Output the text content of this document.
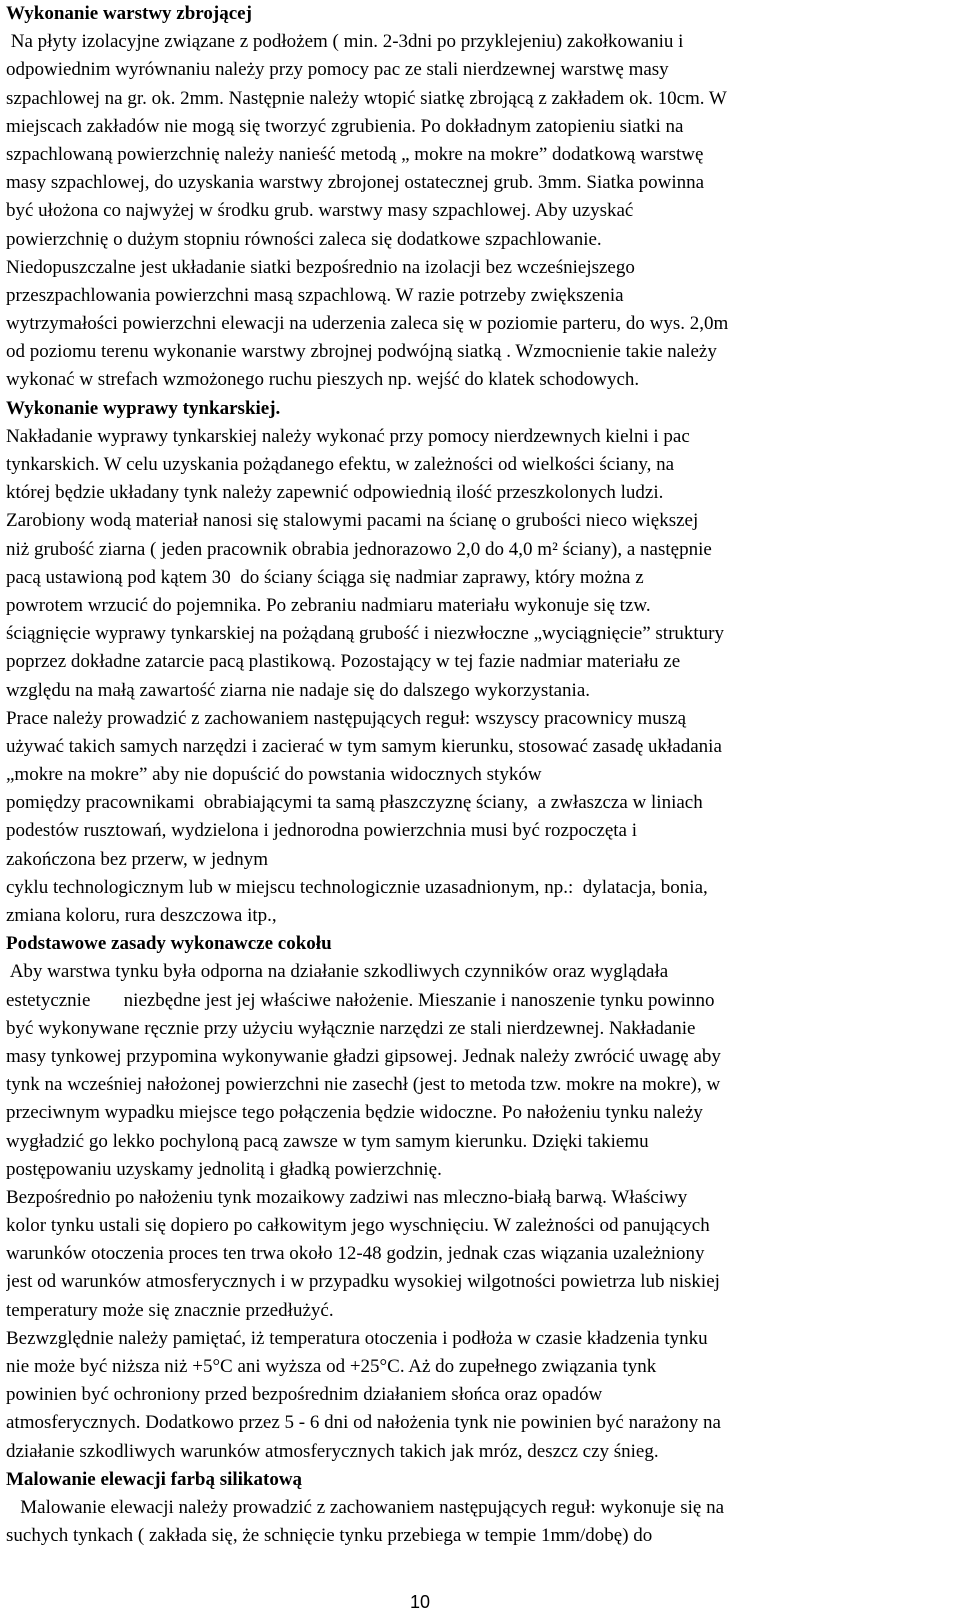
Wykonanie warstwy zbrojącej
Na płyty izolacyjne związane z podłożem ( min. 2-3dni po przyklejeniu) zakołkowaniu i
odpowiednim wyrównaniu należy przy pomocy pac ze stali nierdzewnej warstwę masy
szpachlowej na gr. ok. 2mm. Następnie należy wtopić siatkę zbrojącą z zakładem ok. 10cm. W
miejscach zakładów nie mogą się tworzyć zgrubienia. Po dokładnym zatopieniu siatki na
szpachlowaną powierzchnię należy nanieść metodą „ mokre na mokre” dodatkową warstwę
masy szpachlowej, do uzyskania warstwy zbrojonej ostatecznej grub. 3mm. Siatka powinna
być ułożona co najwyżej w środku grub. warstwy masy szpachlowej. Aby uzyskać
powierzchnię o dużym stopniu równości zaleca się dodatkowe szpachlowanie.
Niedopuszczalne jest układanie siatki bezpośrednio na izolacji bez wcześniejszego
przeszpachlowania powierzchni masą szpachlową. W razie potrzeby zwiększenia
wytrzymałości powierzchni elewacji na uderzenia zaleca się w poziomie parteru, do wys. 2,0m
od poziomu terenu wykonanie warstwy zbrojnej podwójną siatką . Wzmocnienie takie należy
wykonać w strefach wzmożonego ruchu pieszych np. wejść do klatek schodowych.
Wykonanie wyprawy tynkarskiej.
Nakładanie wyprawy tynkarskiej należy wykonać przy pomocy nierdzewnych kielni i pac
tynkarskich. W celu uzyskania pożądanego efektu, w zależności od wielkości ściany, na
której będzie układany tynk należy zapewnić odpowiednią ilość przeszkolonych ludzi.
Zarobiony wodą materiał nanosi się stalowymi pacami na ścianę o grubości nieco większej
niż grubość ziarna ( jeden pracownik obrabia jednorazowo 2,0 do 4,0 m² ściany), a następnie
pacą ustawioną pod kątem 30  do ściany ściąga się nadmiar zaprawy, który można z
powrotem wrzucić do pojemnika. Po zebraniu nadmiaru materiału wykonuje się tzw.
ściągnięcie wyprawy tynkarskiej na pożądaną grubość i niezwłoczne „wyciągnięcie” struktury
poprzez dokładne zatarcie pacą plastikową. Pozostający w tej fazie nadmiar materiału ze
względu na małą zawartość ziarna nie nadaje się do dalszego wykorzystania.
Prace należy prowadzić z zachowaniem następujących reguł: wszyscy pracownicy muszą
używać takich samych narzędzi i zacierać w tym samym kierunku, stosować zasadę układania
„mokre na mokre” aby nie dopuścić do powstania widocznych styków
pomiędzy pracownikami  obrabiającymi ta samą płaszczyznę ściany,  a zwłaszcza w liniach
podestów rusztowań, wydzielona i jednorodna powierzchnia musi być rozpoczęta i
zakończona bez przerw, w jednym
cyklu technologicznym lub w miejscu technologicznie uzasadnionym, np.:  dylatacja, bonia,
zmiana koloru, rura deszczowa itp.,
Podstawowe zasady wykonawcze cokołu
Aby warstwa tynku była odporna na działanie szkodliwych czynników oraz wyglądała
estetycznie       niezbędne jest jej właściwe nałożenie. Mieszanie i nanoszenie tynku powinno
być wykonywane ręcznie przy użyciu wyłącznie narzędzi ze stali nierdzewnej. Nakładanie
masy tynkowej przypomina wykonywanie gładzi gipsowej. Jednak należy zwrócić uwagę aby
tynk na wcześniej nałożonej powierzchni nie zasechł (jest to metoda tzw. mokre na mokre), w
przeciwnym wypadku miejsce tego połączenia będzie widoczne. Po nałożeniu tynku należy
wygładzić go lekko pochyloną pacą zawsze w tym samym kierunku. Dzięki takiemu
postępowaniu uzyskamy jednolitą i gładką powierzchnię.
Bezpośrednio po nałożeniu tynk mozaikowy zadziwi nas mleczno-białą barwą. Właściwy
kolor tynku ustali się dopiero po całkowitym jego wyschnięciu. W zależności od panujących
warunków otoczenia proces ten trwa około 12-48 godzin, jednak czas wiązania uzależniony
jest od warunków atmosferycznych i w przypadku wysokiej wilgotności powietrza lub niskiej
temperatury może się znacznie przedłużyć.
Bezwzględnie należy pamiętać, iż temperatura otoczenia i podłoża w czasie kładzenia tynku
nie może być niższa niż +5°C ani wyższa od +25°C. Aż do zupełnego związania tynk
powinien być ochroniony przed bezpośrednim działaniem słońca oraz opadów
atmosferycznych. Dodatkowo przez 5 - 6 dni od nałożenia tynk nie powinien być narażony na
działanie szkodliwych warunków atmosferycznych takich jak mróz, deszcz czy śnieg.
Malowanie elewacji farbą silikatową
Malowanie elewacji należy prowadzić z zachowaniem następujących reguł: wykonuje się na
suchych tynkach ( zakłada się, że schnięcie tynku przebiega w tempie 1mm/dobę) do
10
